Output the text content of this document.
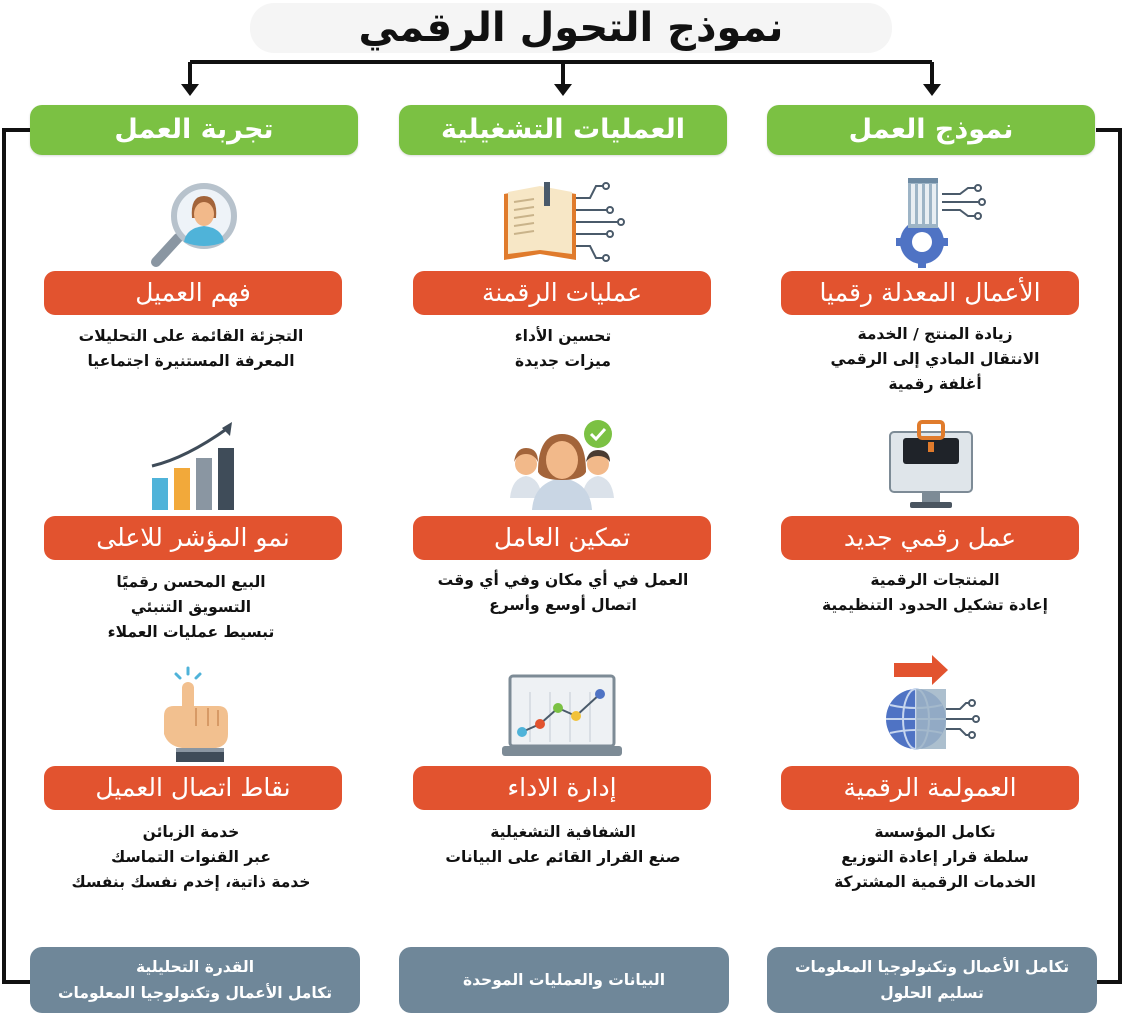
نموذج التحول الرقمي
نموذج العمل
العمليات التشغيلية
تجربة العمل
الأعمال المعدلة رقميا
زيادة المنتج / الخدمة
الانتقال المادي إلى الرقمي
أغلفة رقمية
عمل رقمي جديد
المنتجات الرقمية
إعادة تشكيل الحدود التنظيمية
العمولمة الرقمية
تكامل المؤسسة
سلطة قرار إعادة التوزيع
الخدمات الرقمية المشتركة
عمليات الرقمنة
تحسين الأداء
ميزات جديدة
تمكين العامل
العمل في أي مكان وفي أي وقت
اتصال أوسع وأسرع
إدارة الاداء
الشفافية التشغيلية
صنع القرار القائم على البيانات
فهم العميل
التجزئة القائمة على التحليلات
المعرفة المستنيرة اجتماعيا
نمو المؤشر للاعلى
البيع المحسن رقميًا
التسويق التنبئي
تبسيط عمليات العملاء
نقاط اتصال العميل
خدمة الزبائن
عبر القنوات التماسك
خدمة ذاتية، إخدم نفسك بنفسك
تكامل الأعمال وتكنولوجيا المعلومات
تسليم الحلول
البيانات والعمليات الموحدة
القدرة التحليلية
تكامل الأعمال وتكنولوجيا المعلومات
